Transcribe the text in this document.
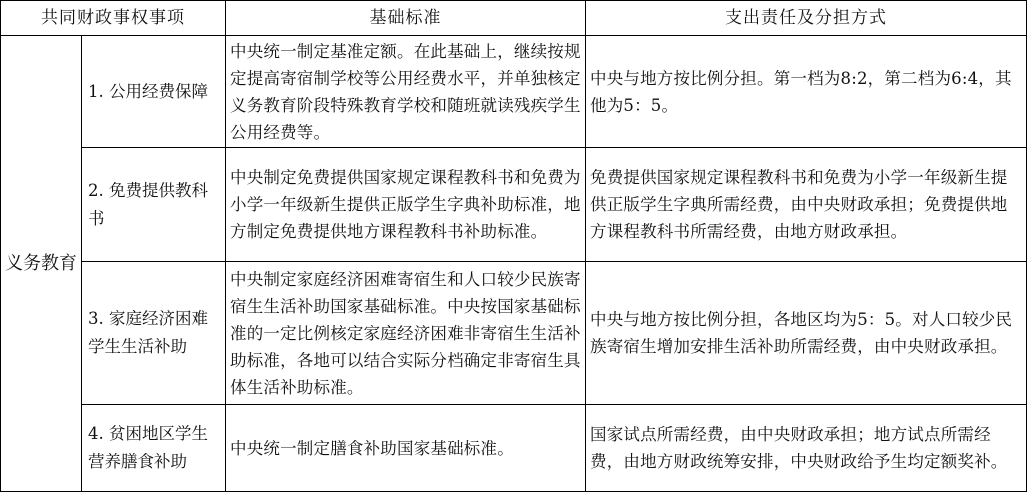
共同财政事权事项		基础标准	支出责任及分担方式
义务教育	1. 公用经费保障	中央统一制定基准定额。在此基础上，继续按规定提高寄宿制学校等公用经费水平，并单独核定义务教育阶段特殊教育学校和随班就读残疾学生公用经费等。	中央与地方按比例分担。第一档为8:2，第二档为6:4，其他为5：5。
	2. 免费提供教科书	中央制定免费提供国家规定课程教科书和免费为小学一年级新生提供正版学生字典补助标准，地方制定免费提供地方课程教科书补助标准。	免费提供国家规定课程教科书和免费为小学一年级新生提供正版学生字典所需经费，由中央财政承担；免费提供地方课程教科书所需经费，由地方财政承担。
	3. 家庭经济困难学生生活补助	中央制定家庭经济困难寄宿生和人口较少民族寄宿生生活补助国家基础标准。中央按国家基础标准的一定比例核定家庭经济困难非寄宿生生活补助标准，各地可以结合实际分档确定非寄宿生具体生活补助标准。	中央与地方按比例分担，各地区均为5：5。对人口较少民族寄宿生增加安排生活补助所需经费，由中央财政承担。
	4. 贫困地区学生营养膳食补助	中央统一制定膳食补助国家基础标准。	国家试点所需经费，由中央财政承担；地方试点所需经费，由地方财政统筹安排，中央财政给予生均定额奖补。
